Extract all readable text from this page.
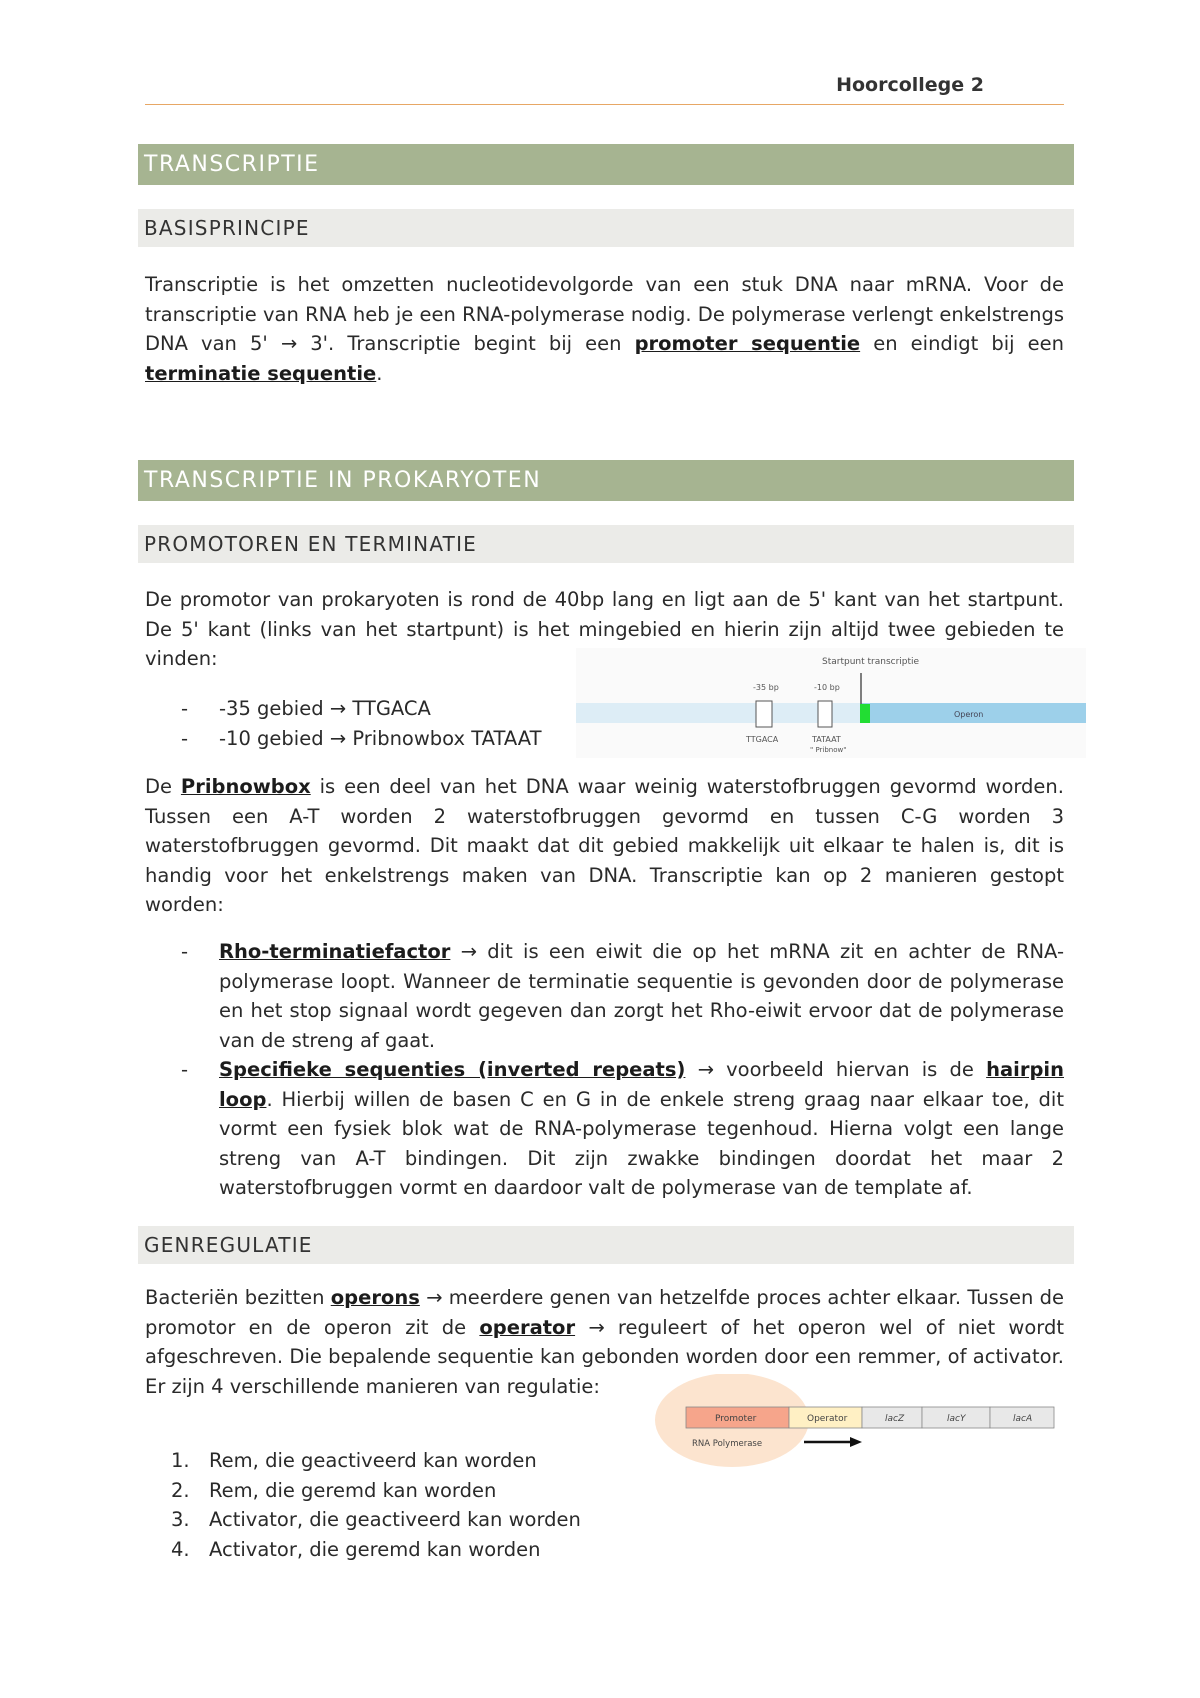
Hoorcollege 2
TRANSCRIPTIE
BASISPRINCIPE

Transcriptie is het omzetten nucleotidevolgorde van een stuk DNA naar mRNA. Voor de transcriptie van RNA heb je een RNA-polymerase nodig. De polymerase verlengt enkelstrengs DNA van 5' → 3'. Transcriptie begint bij een promoter sequentie en eindigt bij een terminatie sequentie.

TRANSCRIPTIE IN PROKARYOTEN
PROMOTOREN EN TERMINATIE

De promotor van prokaryoten is rond de 40bp lang en ligt aan de 5' kant van het startpunt. De 5' kant (links van het startpunt) is het mingebied en hierin zijn altijd twee gebieden te vinden:

- -35 gebied → TTGACA
- -10 gebied → Pribnowbox TATAAT
Startpunt transcriptie
-35 bp	-10 bp
Operon
TTGACA	TATAAT
" Pribnow"

De Pribnowbox is een deel van het DNA waar weinig waterstofbruggen gevormd worden. Tussen een A-T worden 2 waterstofbruggen gevormd en tussen C-G worden 3 waterstofbruggen gevormd. Dit maakt dat dit gebied makkelijk uit elkaar te halen is, dit is handig voor het enkelstrengs maken van DNA. Transcriptie kan op 2 manieren gestopt worden:

- Rho-terminatiefactor → dit is een eiwit die op het mRNA zit en achter de RNA-polymerase loopt. Wanneer de terminatie sequentie is gevonden door de polymerase en het stop signaal wordt gegeven dan zorgt het Rho-eiwit ervoor dat de polymerase van de streng af gaat.
- Specifieke sequenties (inverted repeats) → voorbeeld hiervan is de hairpin loop. Hierbij willen de basen C en G in de enkele streng graag naar elkaar toe, dit vormt een fysiek blok wat de RNA-polymerase tegenhoud. Hierna volgt een lange streng van A-T bindingen. Dit zijn zwakke bindingen doordat het maar 2 waterstofbruggen vormt en daardoor valt de polymerase van de template af.
GENREGULATIE

Bacteriën bezitten operons → meerdere genen van hetzelfde proces achter elkaar. Tussen de promotor en de operon zit de operator → reguleert of het operon wel of niet wordt afgeschreven. Die bepalende sequentie kan gebonden worden door een remmer, of activator. Er zijn 4 verschillende manieren van regulatie:

Promoter	Operator	lacZ	lacY	lacA
RNA Polymerase
1. Rem, die geactiveerd kan worden
2. Rem, die geremd kan worden
3. Activator, die geactiveerd kan worden
4. Activator, die geremd kan worden
